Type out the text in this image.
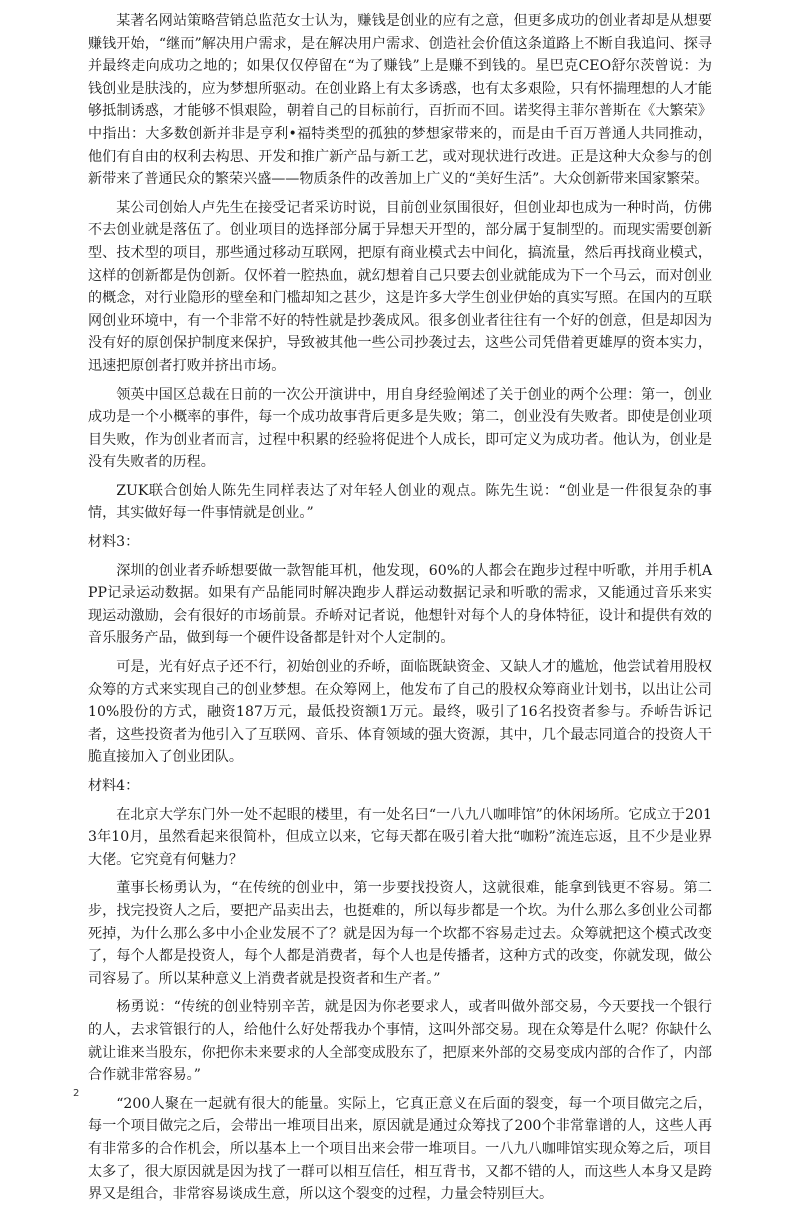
某著名网站策略营销总监范女士认为，赚钱是创业的应有之意，但更多成功的创业者却是从想要赚钱开始，“继而”解决用户需求，是在解决用户需求、创造社会价值这条道路上不断自我追问、探寻并最终走向成功之地的；如果仅仅停留在“为了赚钱”上是赚不到钱的。星巴克CEO舒尔茨曾说：为钱创业是肤浅的，应为梦想所驱动。在创业路上有太多诱惑，也有太多艰险，只有怀揣理想的人才能够抵制诱惑，才能够不惧艰险，朝着自己的目标前行，百折而不回。诺奖得主菲尔普斯在《大繁荣》中指出：大多数创新并非是亨利•福特类型的孤独的梦想家带来的，而是由千百万普通人共同推动，他们有自由的权利去构思、开发和推广新产品与新工艺，或对现状进行改进。正是这种大众参与的创新带来了普通民众的繁荣兴盛——物质条件的改善加上广义的“美好生活”。大众创新带来国家繁荣。

某公司创始人卢先生在接受记者采访时说，目前创业氛围很好，但创业却也成为一种时尚，仿佛不去创业就是落伍了。创业项目的选择部分属于异想天开型的，部分属于复制型的。而现实需要创新型、技术型的项目，那些通过移动互联网，把原有商业模式去中间化，搞流量，然后再找商业模式，这样的创新都是伪创新。仅怀着一腔热血，就幻想着自己只要去创业就能成为下一个马云，而对创业的概念，对行业隐形的壁垒和门槛却知之甚少，这是许多大学生创业伊始的真实写照。在国内的互联网创业环境中，有一个非常不好的特性就是抄袭成风。很多创业者往往有一个好的创意，但是却因为没有好的原创保护制度来保护，导致被其他一些公司抄袭过去，这些公司凭借着更雄厚的资本实力，迅速把原创者打败并挤出市场。

领英中国区总裁在日前的一次公开演讲中，用自身经验阐述了关于创业的两个公理：第一，创业成功是一个小概率的事件，每一个成功故事背后更多是失败；第二，创业没有失败者。即使是创业项目失败，作为创业者而言，过程中积累的经验将促进个人成长，即可定义为成功者。他认为，创业是没有失败者的历程。

ZUK联合创始人陈先生同样表达了对年轻人创业的观点。陈先生说：“创业是一件很复杂的事情，其实做好每一件事情就是创业。”

材料3：

深圳的创业者乔峤想要做一款智能耳机，他发现，60%的人都会在跑步过程中听歌，并用手机APP记录运动数据。如果有产品能同时解决跑步人群运动数据记录和听歌的需求，又能通过音乐来实现运动激励，会有很好的市场前景。乔峤对记者说，他想针对每个人的身体特征，设计和提供有效的音乐服务产品，做到每一个硬件设备都是针对个人定制的。

可是，光有好点子还不行，初始创业的乔峤，面临既缺资金、又缺人才的尴尬，他尝试着用股权众筹的方式来实现自己的创业梦想。在众筹网上，他发布了自己的股权众筹商业计划书，以出让公司10%股份的方式，融资187万元，最低投资额1万元。最终，吸引了16名投资者参与。乔峤告诉记者，这些投资者为他引入了互联网、音乐、体育领域的强大资源，其中，几个最志同道合的投资人干脆直接加入了创业团队。

材料4：

在北京大学东门外一处不起眼的楼里，有一处名曰“一八九八咖啡馆”的休闲场所。它成立于2013年10月，虽然看起来很简朴，但成立以来，它每天都在吸引着大批“咖粉”流连忘返，且不少是业界大佬。它究竟有何魅力？

董事长杨勇认为，“在传统的创业中，第一步要找投资人，这就很难，能拿到钱更不容易。第二步，找完投资人之后，要把产品卖出去，也挺难的，所以每步都是一个坎。为什么那么多创业公司都死掉，为什么那么多中小企业发展不了？就是因为每一个坎都不容易走过去。众筹就把这个模式改变了，每个人都是投资人，每个人都是消费者，每个人也是传播者，这种方式的改变，你就发现，做公司容易了。所以某种意义上消费者就是投资者和生产者。”

杨勇说：“传统的创业特别辛苦，就是因为你老要求人，或者叫做外部交易，今天要找一个银行的人，去求管银行的人，给他什么好处帮我办个事情，这叫外部交易。现在众筹是什么呢？你缺什么就让谁来当股东，你把你未来要求的人全部变成股东了，把原来外部的交易变成内部的合作了，内部合作就非常容易。”

“200人聚在一起就有很大的能量。实际上，它真正意义在后面的裂变，每一个项目做完之后，每一个项目做完之后，会带出一堆项目出来，原因就是通过众筹找了200个非常靠谱的人，这些人再有非常多的合作机会，所以基本上一个项目出来会带一堆项目。一八九八咖啡馆实现众筹之后，项目太多了，很大原因就是因为找了一群可以相互信任，相互背书，又都不错的人，而这些人本身又是跨界又是组合，非常容易谈成生意，所以这个裂变的过程，力量会特别巨大。

2
